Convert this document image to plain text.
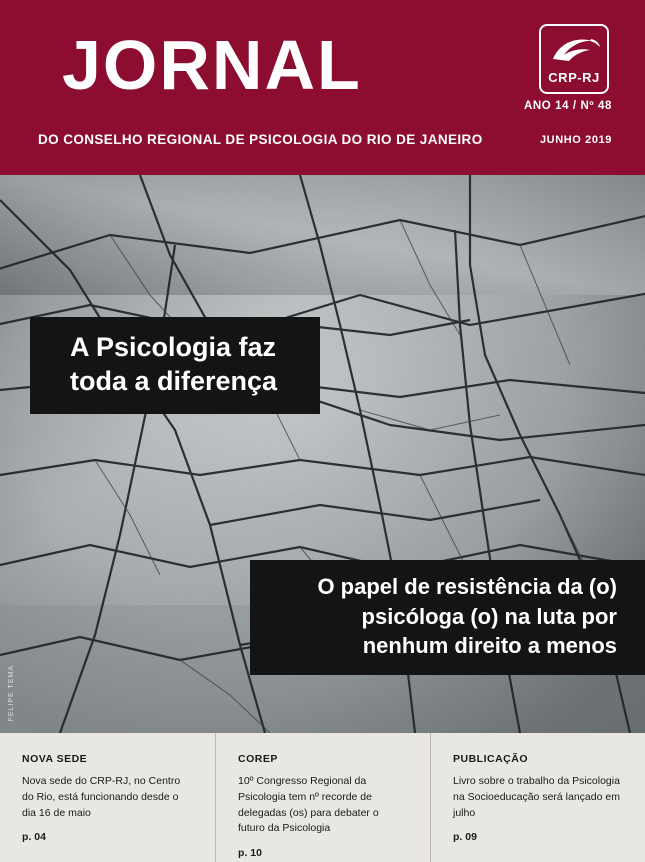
JORNAL
DO CONSELHO REGIONAL DE PSICOLOGIA DO RIO DE JANEIRO
CRP-RJ
ANO 14 / Nº 48
JUNHO 2019
FELIPE TEMA
A Psicologia faz toda a diferença
O papel de resistência da (o) psicóloga (o) na luta por nenhum direito a menos
NOVA SEDE
Nova sede do CRP-RJ, no Centro do Rio, está funcionando desde o dia 16 de maio
p. 04
COREP
10º Congresso Regional da Psicologia tem nº recorde de delegadas (os) para debater o futuro da Psicologia
p. 10
PUBLICAÇÃO
Livro sobre o trabalho da Psicologia na Socioeducação será lançado em julho
p. 09
